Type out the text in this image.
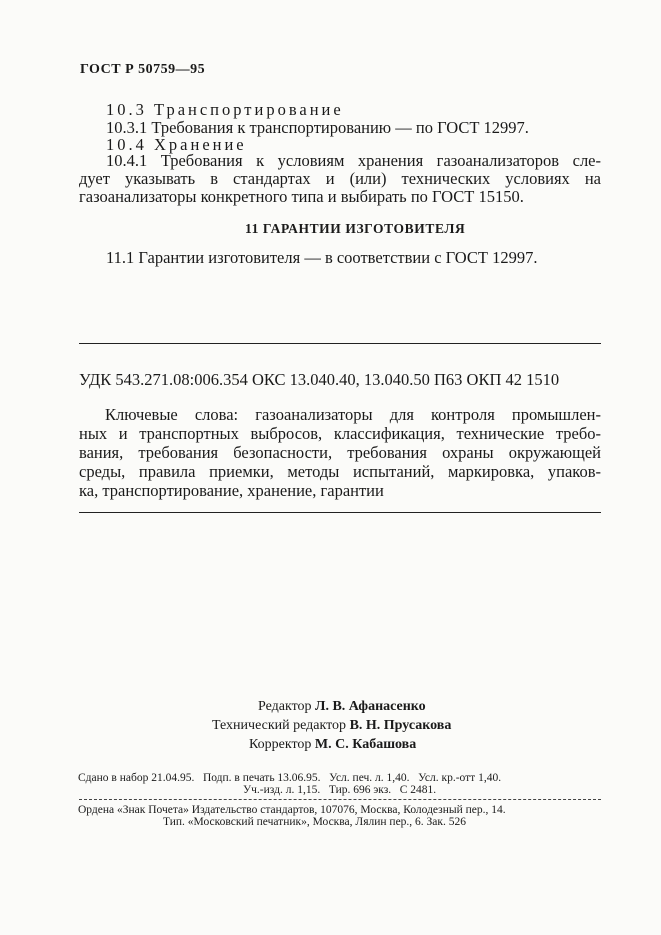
ГОСТ Р 50759—95
10.3 Транспортирование
10.3.1 Требования к транспортированию — по ГОСТ 12997.
10.4 Хранение
10.4.1 Требования к условиям хранения газоанализаторов сле-
дует указывать в стандартах и (или) технических условиях на
газоанализаторы конкретного типа и выбирать по ГОСТ 15150.
11 ГАРАНТИИ ИЗГОТОВИТЕЛЯ
11.1 Гарантии изготовителя — в соответствии с ГОСТ 12997.
УДК 543.271.08:006.354 ОКС 13.040.40, 13.040.50 П63 ОКП 42 1510
Ключевые слова: газоанализаторы для контроля промышлен-
ных и транспортных выбросов, классификация, технические требо-
вания, требования безопасности, требования охраны окружающей
среды, правила приемки, методы испытаний, маркировка, упаков-
ка, транспортирование, хранение, гарантии
Редактор Л. В. Афанасенко
Технический редактор В. Н. Прусакова
Корректор М. С. Кабашова
Сдано в набор 21.04.95.   Подп. в печать 13.06.95.   Усл. печ. л. 1,40.   Усл. кр.-отт 1,40.
Уч.-изд. л. 1,15.   Тир. 696 экз.   С 2481.
Ордена «Знак Почета» Издательство стандартов, 107076, Москва, Колодезный пер., 14.
Тип. «Московский печатник», Москва, Лялин пер., 6. Зак. 526
